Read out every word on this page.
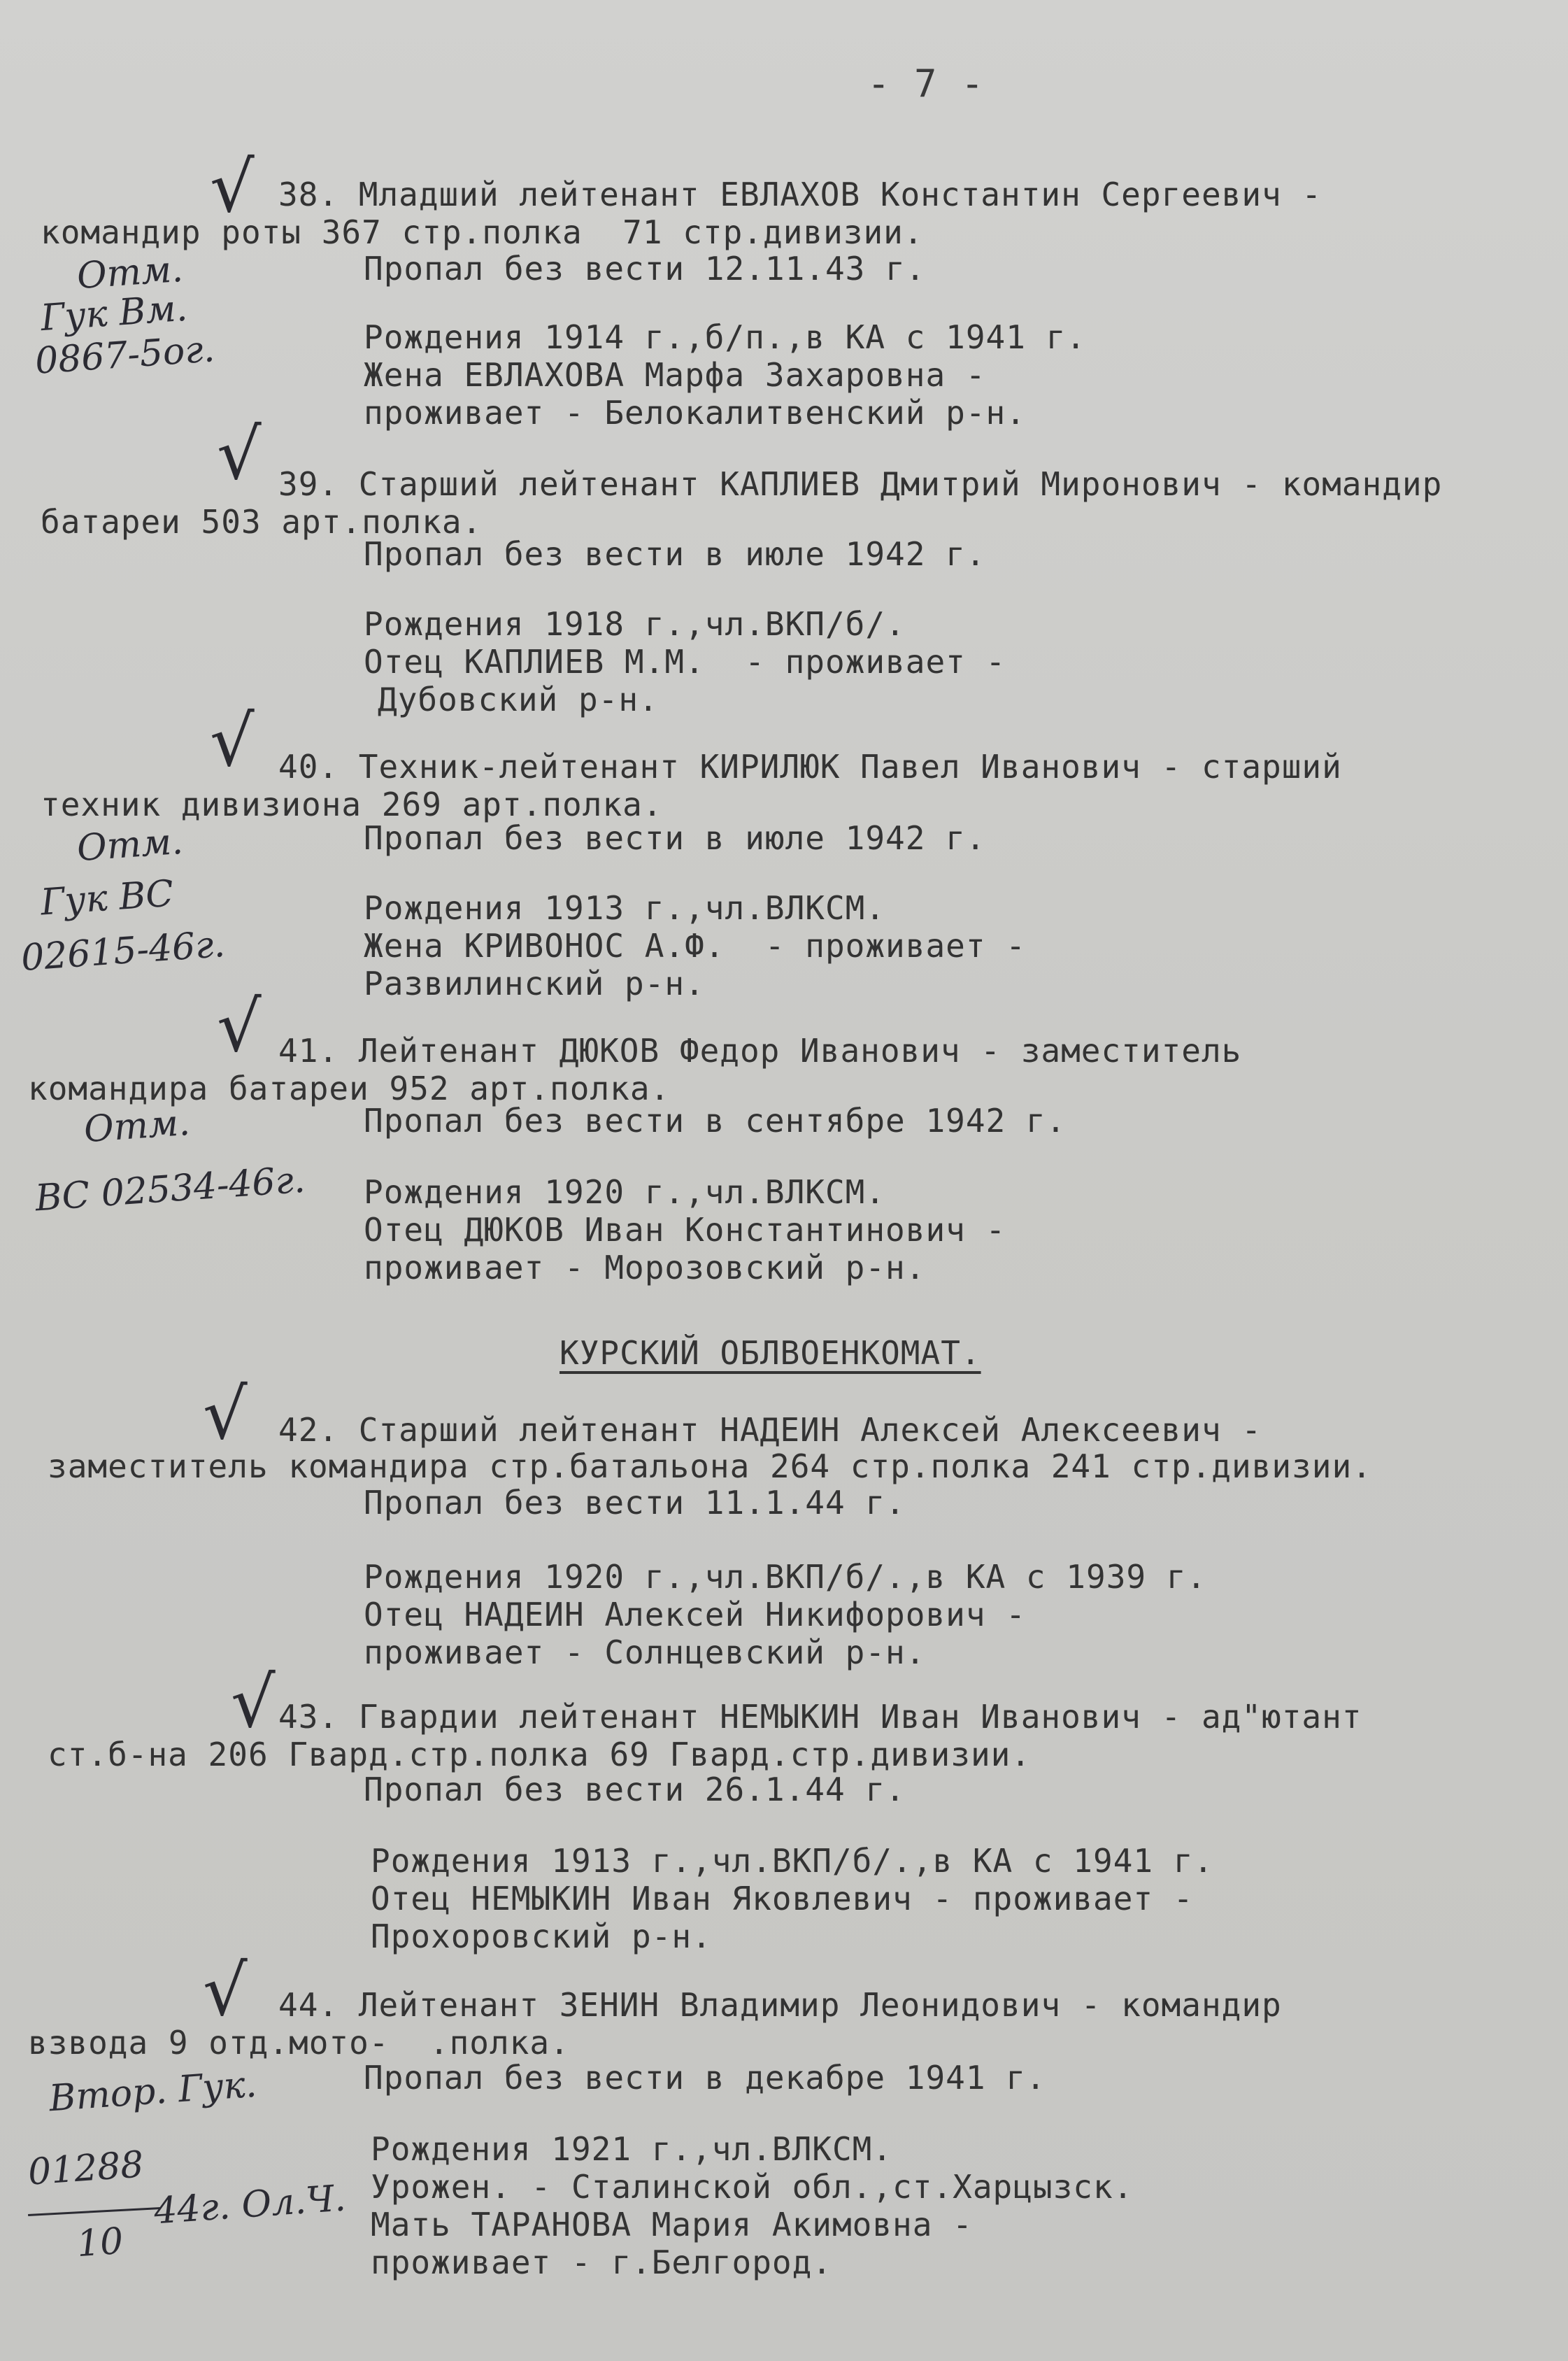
- 7 -
√ 38. Младший лейтенант ЕВЛАХОВ Константин Сергеевич -
командир роты 367 стр.полка  71 стр.дивизии.
Пропал без вести 12.11.43 г.
Рождения 1914 г.,б/п.,в КА с 1941 г.
Жена ЕВЛАХОВА Марфа Захаровна -
проживает - Белокалитвенский р-н.
Отм.
Гук Вм.
0867-5ог.
√ 39. Старший лейтенант КАПЛИЕВ Дмитрий Миронович - командир
батареи 503 арт.полка.
Пропал без вести в июле 1942 г.
Рождения 1918 г.,чл.ВКП/б/.
Отец КАПЛИЕВ М.М.  - проживает -
Дубовский р-н.
√ 40. Техник-лейтенант КИРИЛЮК Павел Иванович - старший
техник дивизиона 269 арт.полка.
Пропал без вести в июле 1942 г.
Рождения 1913 г.,чл.ВЛКСМ.
Жена КРИВОНОС А.Ф.  - проживает -
Развилинский р-н.
Отм.
Гук ВС
02615-46г.
√ 41. Лейтенант ДЮКОВ Федор Иванович - заместитель
командира батареи 952 арт.полка.
Пропал без вести в сентябре 1942 г.
Рождения 1920 г.,чл.ВЛКСМ.
Отец ДЮКОВ Иван Константинович -
проживает - Морозовский р-н.
Отм.
ВС 02534-46г.
КУРСКИЙ ОБЛВОЕНКОМАТ.
√ 42. Старший лейтенант НАДЕИН Алексей Алексеевич -
заместитель командира стр.батальона 264 стр.полка 241 стр.дивизии.
Пропал без вести 11.1.44 г.
Рождения 1920 г.,чл.ВКП/б/.,в КА с 1939 г.
Отец НАДЕИН Алексей Никифорович -
проживает - Солнцевский р-н.
√ 43. Гвардии лейтенант НЕМЫКИН Иван Иванович - ад"ютант
ст.б-на 206 Гвард.стр.полка 69 Гвард.стр.дивизии.
Пропал без вести 26.1.44 г.
Рождения 1913 г.,чл.ВКП/б/.,в КА с 1941 г.
Отец НЕМЫКИН Иван Яковлевич - проживает -
Прохоровский р-н.
√ 44. Лейтенант ЗЕНИН Владимир Леонидович - командир
взвода 9 отд.мото-  .полка.
Пропал без вести в декабре 1941 г.
Рождения 1921 г.,чл.ВЛКСМ.
Урожен. - Сталинской обл.,ст.Харцызск.
Мать ТАРАНОВА Мария Акимовна -
проживает - г.Белгород.
Втор. Гук.
01288
44г. Ол.Ч.
10
